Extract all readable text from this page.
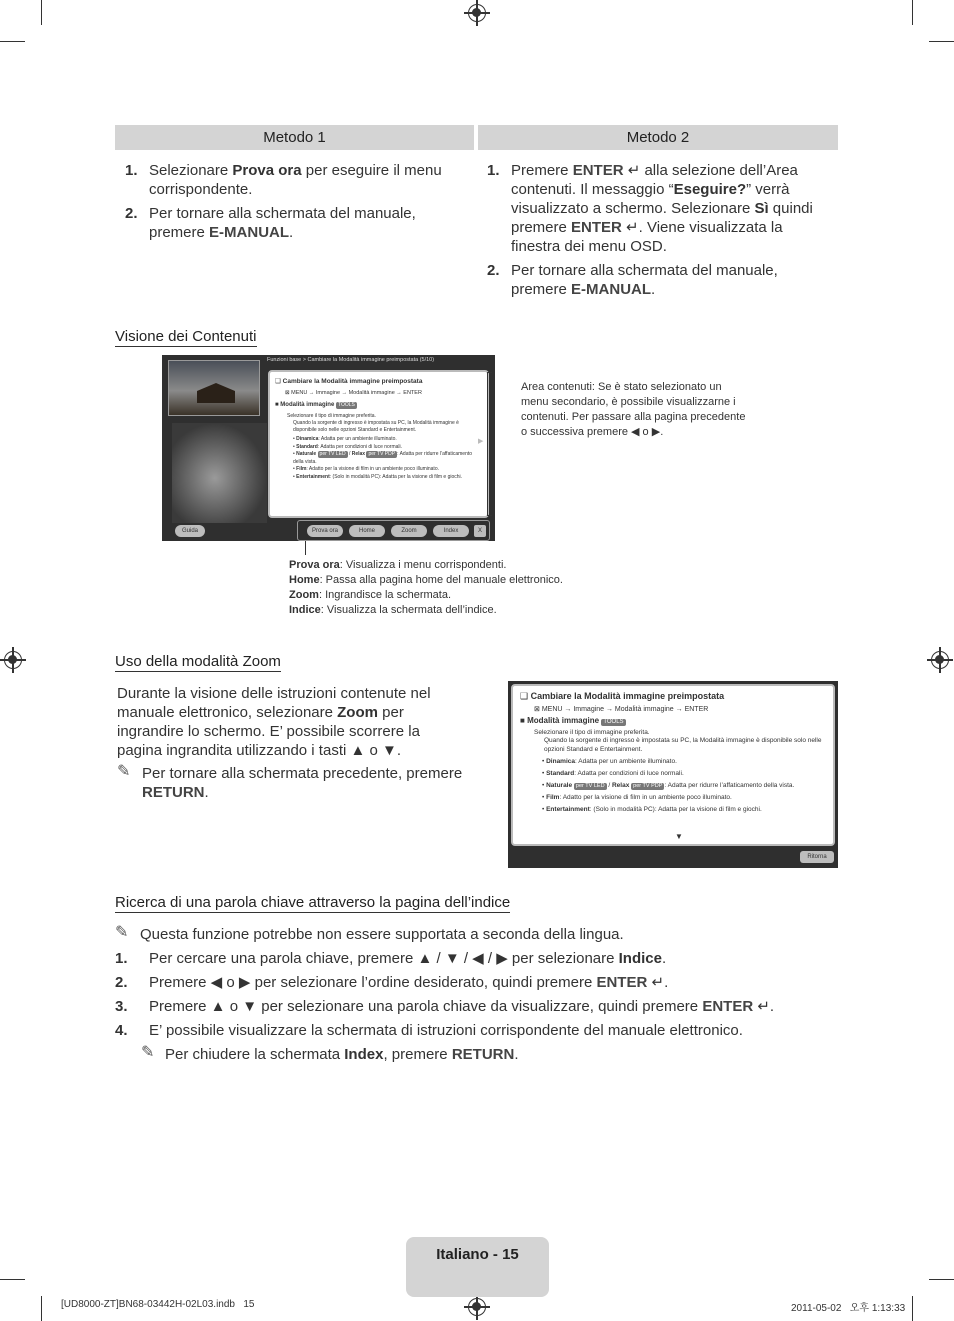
Metodo 1	Metodo 2
1. Selezionare Prova ora per eseguire il menu corrispondente.
2. Per tornare alla schermata del manuale, premere E-MANUAL.
1. Premere ENTER ↵ alla selezione dell’Area contenuti. Il messaggio “Eseguire?” verrà visualizzato a schermo. Selezionare Sì quindi premere ENTER ↵. Viene visualizzata la finestra dei menu OSD.
2. Per tornare alla schermata del manuale, premere E-MANUAL.
Visione dei Contenuti
Funzioni base > Cambiare la Modalità immagine preimpostata (5/10)
❑ Cambiare la Modalità immagine preimpostata
⊠ MENU → Immagine → Modalità immagine → ENTER
■ Modalità immagine TOOLS
Selezionare il tipo di immagine preferita.
Quando la sorgente di ingresso è impostata su PC, la Modalità immagine è disponibile solo nelle opzioni Standard e Entertainment.
• Dinamica: Adatta per un ambiente illuminato.
• Standard: Adatta per condizioni di luce normali.
• Naturale per TV LED / Relax per TV PDP : Adatta per ridurre l’affaticamento della vista.
• Film: Adatto per la visione di film in un ambiente poco illuminato.
• Entertainment: (Solo in modalità PC): Adatta per la visione di film e giochi.
▶
Guida	Prova ora	Home	Zoom	Index	X
Area contenuti: Se è stato selezionato un menu secondario, è possibile visualizzarne i contenuti. Per passare alla pagina precedente o successiva premere ◀ o ▶.
Prova ora: Visualizza i menu corrispondenti.
Home: Passa alla pagina home del manuale elettronico.
Zoom: Ingrandisce la schermata.
Indice: Visualizza la schermata dell’indice.
Uso della modalità Zoom
Durante la visione delle istruzioni contenute nel manuale elettronico, selezionare Zoom per ingrandire lo schermo. E’ possibile scorrere la pagina ingrandita utilizzando i tasti ▲ o ▼.
✎ Per tornare alla schermata precedente, premere RETURN.
❑ Cambiare la Modalità immagine preimpostata
⊠ MENU → Immagine → Modalità immagine → ENTER
■ Modalità immagine TOOLS
Selezionare il tipo di immagine preferita.
Quando la sorgente di ingresso è impostata su PC, la Modalità immagine è disponibile solo nelle opzioni Standard e Entertainment.
• Dinamica: Adatta per un ambiente illuminato.
• Standard: Adatta per condizioni di luce normali.
• Naturale per TV LED / Relax per TV PDP : Adatta per ridurre l’affaticamento della vista.
• Film: Adatto per la visione di film in un ambiente poco illuminato.
• Entertainment: (Solo in modalità PC): Adatta per la visione di film e giochi.
▼
Ritorna
Ricerca di una parola chiave attraverso la pagina dell’indice
✎ Questa funzione potrebbe non essere supportata a seconda della lingua.
1. Per cercare una parola chiave, premere ▲ / ▼ / ◀ / ▶ per selezionare Indice.
2. Premere ◀ o ▶ per selezionare l’ordine desiderato, quindi premere ENTER ↵.
3. Premere ▲ o ▼ per selezionare una parola chiave da visualizzare, quindi premere ENTER ↵.
4. E’ possibile visualizzare la schermata di istruzioni corrispondente del manuale elettronico.
✎ Per chiudere la schermata Index, premere RETURN.
Italiano - 15
[UD8000-ZT]BN68-03442H-02L03.indb   15	2011-05-02   오후 1:13:33
